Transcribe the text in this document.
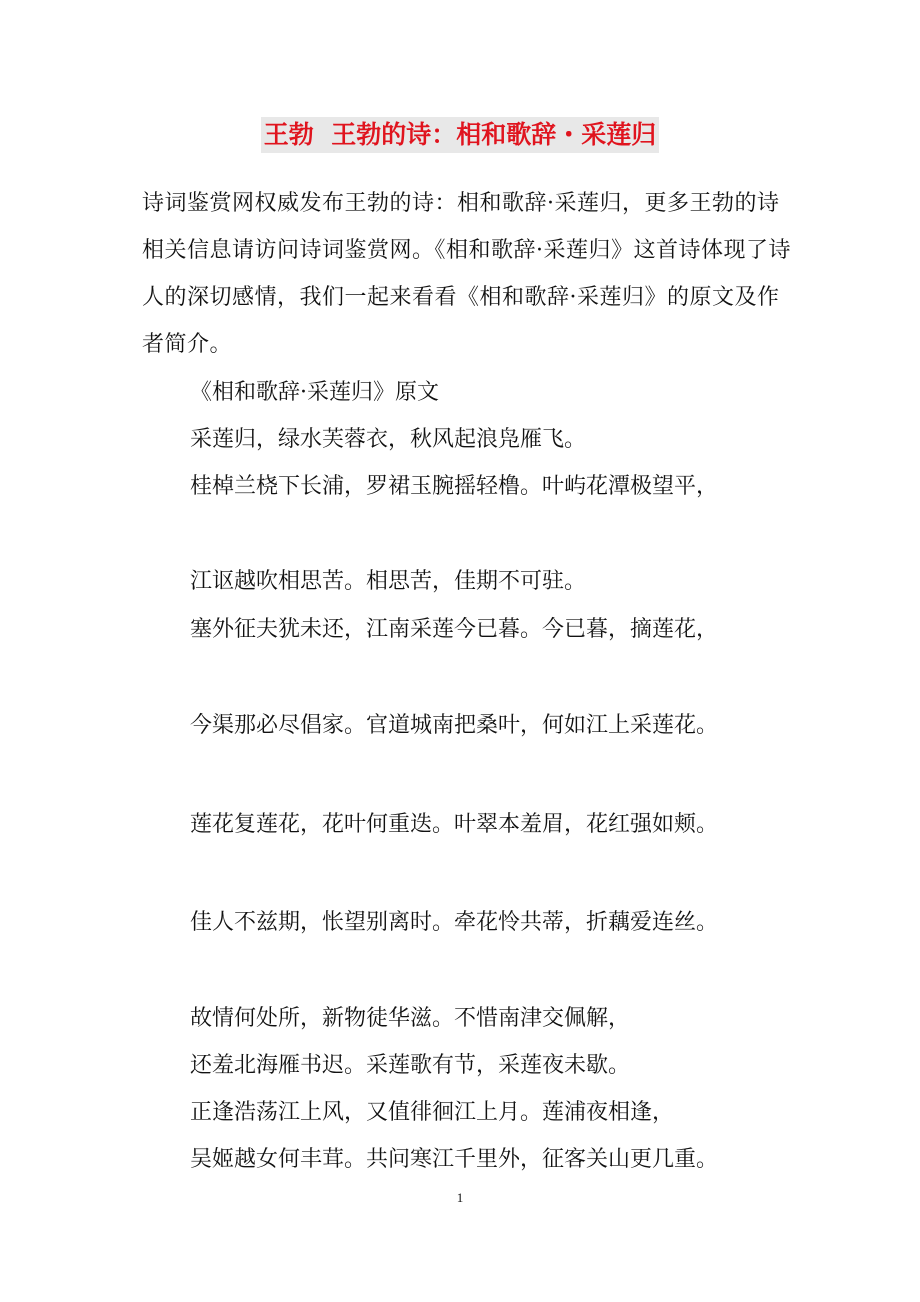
王勃  王勃的诗：相和歌辞・采莲归

诗词鉴赏网权威发布王勃的诗：相和歌辞·采莲归，更多王勃的诗相关信息请访问诗词鉴赏网。《相和歌辞·采莲归》这首诗体现了诗人的深切感情，我们一起来看看《相和歌辞·采莲归》的原文及作者简介。

《相和歌辞·采莲归》原文

采莲归，绿水芙蓉衣，秋风起浪凫雁飞。

桂棹兰桡下长浦，罗裙玉腕摇轻橹。叶屿花潭极望平，

江讴越吹相思苦。相思苦，佳期不可驻。

塞外征夫犹未还，江南采莲今已暮。今已暮，摘莲花，

今渠那必尽倡家。官道城南把桑叶，何如江上采莲花。

莲花复莲花，花叶何重迭。叶翠本羞眉，花红强如颊。

佳人不兹期，怅望别离时。牵花怜共蒂，折藕爱连丝。

故情何处所，新物徒华滋。不惜南津交佩解，

还羞北海雁书迟。采莲歌有节，采莲夜未歇。

正逢浩荡江上风，又值徘徊江上月。莲浦夜相逢，

吴姬越女何丰茸。共问寒江千里外，征客关山更几重。

1
